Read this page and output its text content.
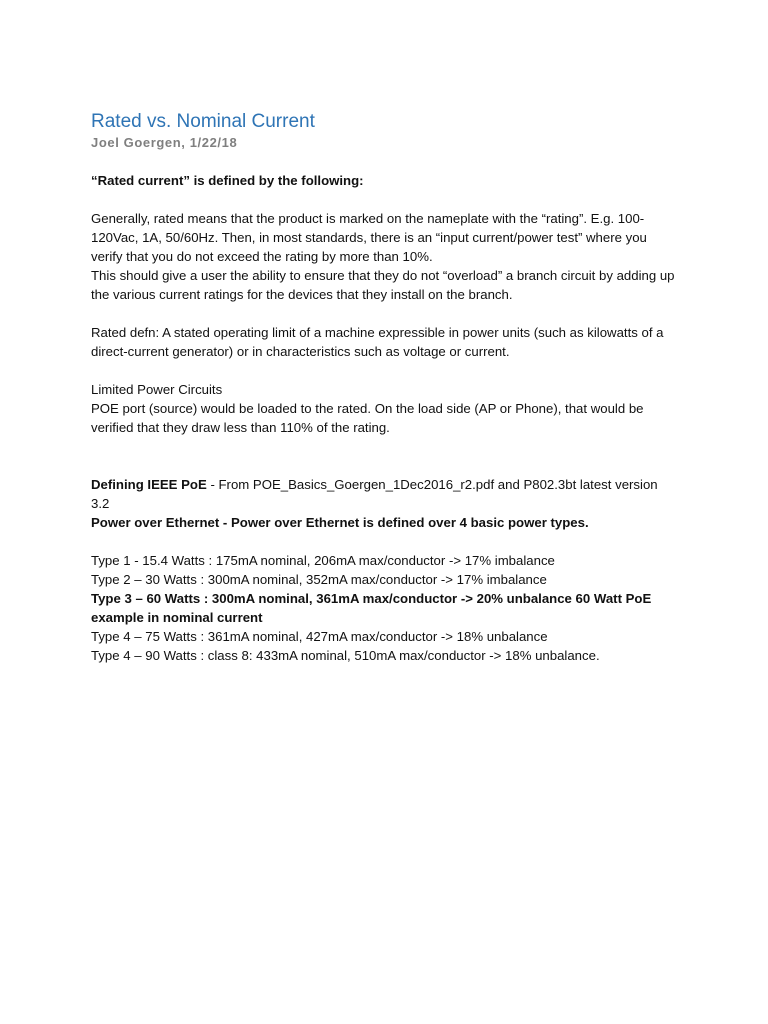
Rated vs. Nominal Current

Joel Goergen, 1/22/18

“Rated current” is defined by the following:

Generally, rated means that the product is marked on the nameplate with the “rating”. E.g. 100-120Vac, 1A, 50/60Hz. Then, in most standards, there is an “input current/power test” where you verify that you do not exceed the rating by more than 10%.

This should give a user the ability to ensure that they do not “overload” a branch circuit by adding up the various current ratings for the devices that they install on the branch.

Rated defn: A stated operating limit of a machine expressible in power units (such as kilowatts of a direct-current generator) or in characteristics such as voltage or current.

Limited Power Circuits

POE port (source) would be loaded to the rated. On the load side (AP or Phone), that would be verified that they draw less than 110% of the rating.

Defining IEEE PoE - From POE_Basics_Goergen_1Dec2016_r2.pdf and P802.3bt latest version 3.2

Power over Ethernet - Power over Ethernet is defined over 4 basic power types.

Type 1 - 15.4 Watts : 175mA nominal, 206mA max/conductor -> 17% imbalance

Type 2 – 30 Watts : 300mA nominal, 352mA max/conductor -> 17% imbalance

Type 3 – 60 Watts : 300mA nominal, 361mA max/conductor -> 20% unbalance 60 Watt PoE example in nominal current

Type 4 – 75 Watts : 361mA nominal, 427mA max/conductor -> 18% unbalance

Type 4 – 90 Watts : class 8: 433mA nominal, 510mA max/conductor -> 18% unbalance.
